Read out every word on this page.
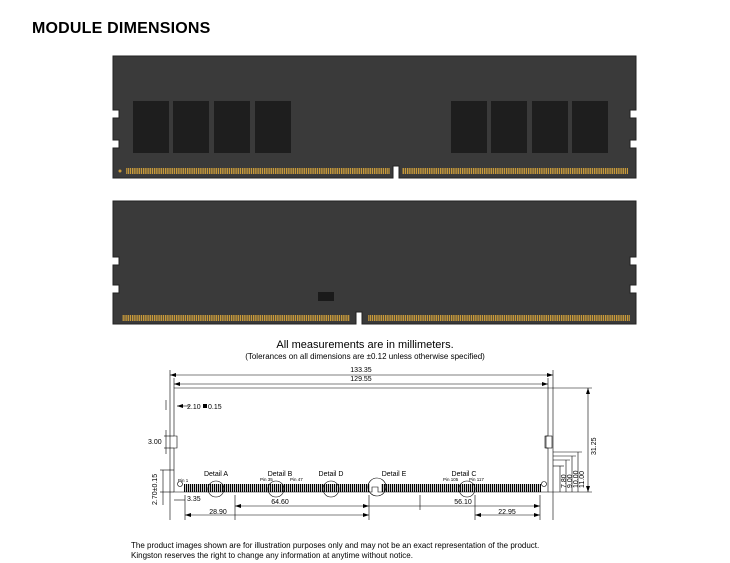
MODULE DIMENSIONS
All measurements are in millimeters.
(Tolerances on all dimensions are ±0.12 unless otherwise specified)
133.35
129.55
2.10 0.15
3.00
3.35	64.60
28.90
56.10
22.95
2.70±0.15
31.25
11.00
10.00
9.00
7.80
Detail A	Detail B	Detail D	Detail E	Detail C
Pin 1	Pin 35	Pin 47	Pin 105 Pin 117
The product images shown are for illustration purposes only and may not be an exact representation of the product.
Kingston reserves the right to change any information at anytime without notice.
